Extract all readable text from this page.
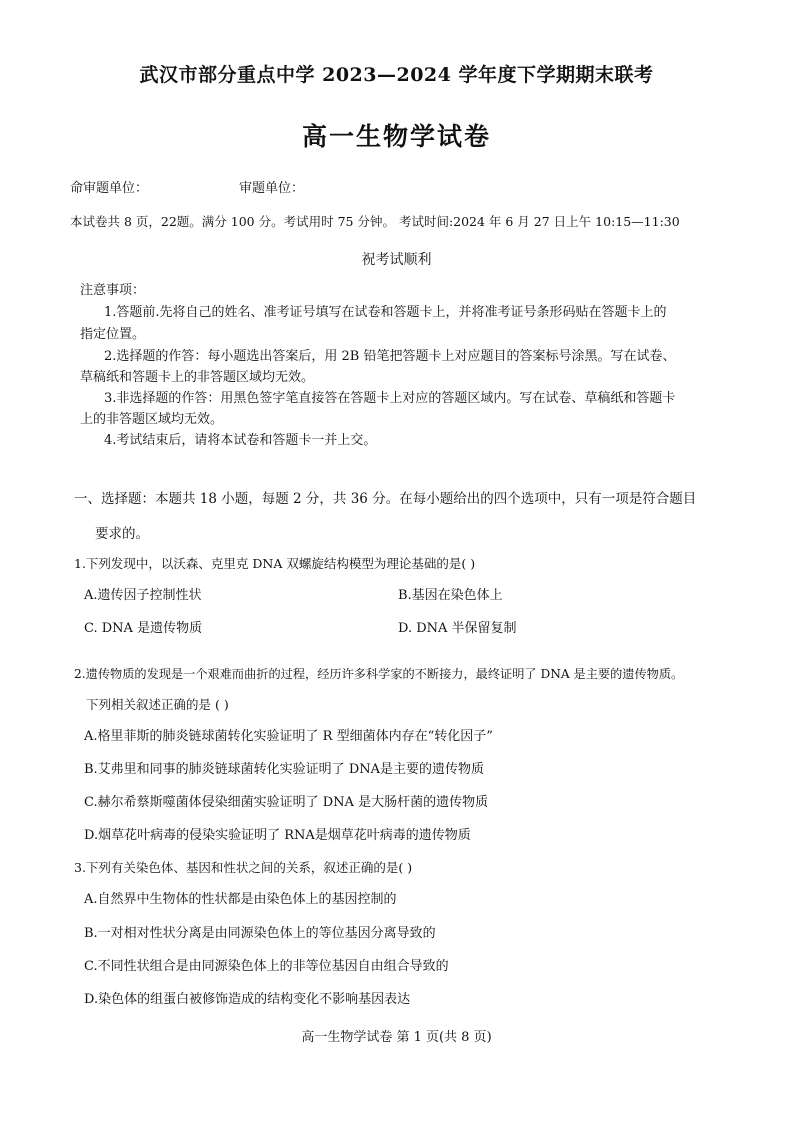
武汉市部分重点中学 2023—2024 学年度下学期期末联考
高一生物学试卷
命审题单位：	审题单位：
本试卷共 8 页，22题。满分 100 分。考试用时 75 分钟。 考试时间:2024 年 6 月 27 日上午 10:15—11:30
祝考试顺利
注意事项：
1.答题前.先将自己的姓名、准考证号填写在试卷和答题卡上，并将准考证号条形码贴在答题卡上的
指定位置。
2.选择题的作答：每小题选出答案后，用 2B 铅笔把答题卡上对应题目的答案标号涂黑。写在试卷、
草稿纸和答题卡上的非答题区域均无效。
3.非选择题的作答：用黑色签字笔直接答在答题卡上对应的答题区域内。写在试卷、草稿纸和答题卡
上的非答题区域均无效。
4.考试结束后，请将本试卷和答题卡一并上交。
一、选择题：本题共 18 小题，每题 2 分，共 36 分。在每小题给出的四个选项中，只有一项是符合题目
要求的。
1.下列发现中，以沃森、克里克 DNA 双螺旋结构模型为理论基础的是( )
A.遗传因子控制性状	B.基因在染色体上
C. DNA 是遗传物质	D. DNA 半保留复制
2.遗传物质的发现是一个艰难而曲折的过程，经历许多科学家的不断接力，最终证明了 DNA 是主要的遗传物质。
下列相关叙述正确的是 ( )
A.格里菲斯的肺炎链球菌转化实验证明了 R 型细菌体内存在“转化因子”
B.艾弗里和同事的肺炎链球菌转化实验证明了 DNA是主要的遗传物质
C.赫尔希蔡斯噬菌体侵染细菌实验证明了 DNA 是大肠杆菌的遗传物质
D.烟草花叶病毒的侵染实验证明了 RNA是烟草花叶病毒的遗传物质
3.下列有关染色体、基因和性状之间的关系，叙述正确的是( )
A.自然界中生物体的性状都是由染色体上的基因控制的
B.一对相对性状分离是由同源染色体上的等位基因分离导致的
C.不同性状组合是由同源染色体上的非等位基因自由组合导致的
D.染色体的组蛋白被修饰造成的结构变化不影响基因表达
高一生物学试卷 第 1 页(共 8 页)
